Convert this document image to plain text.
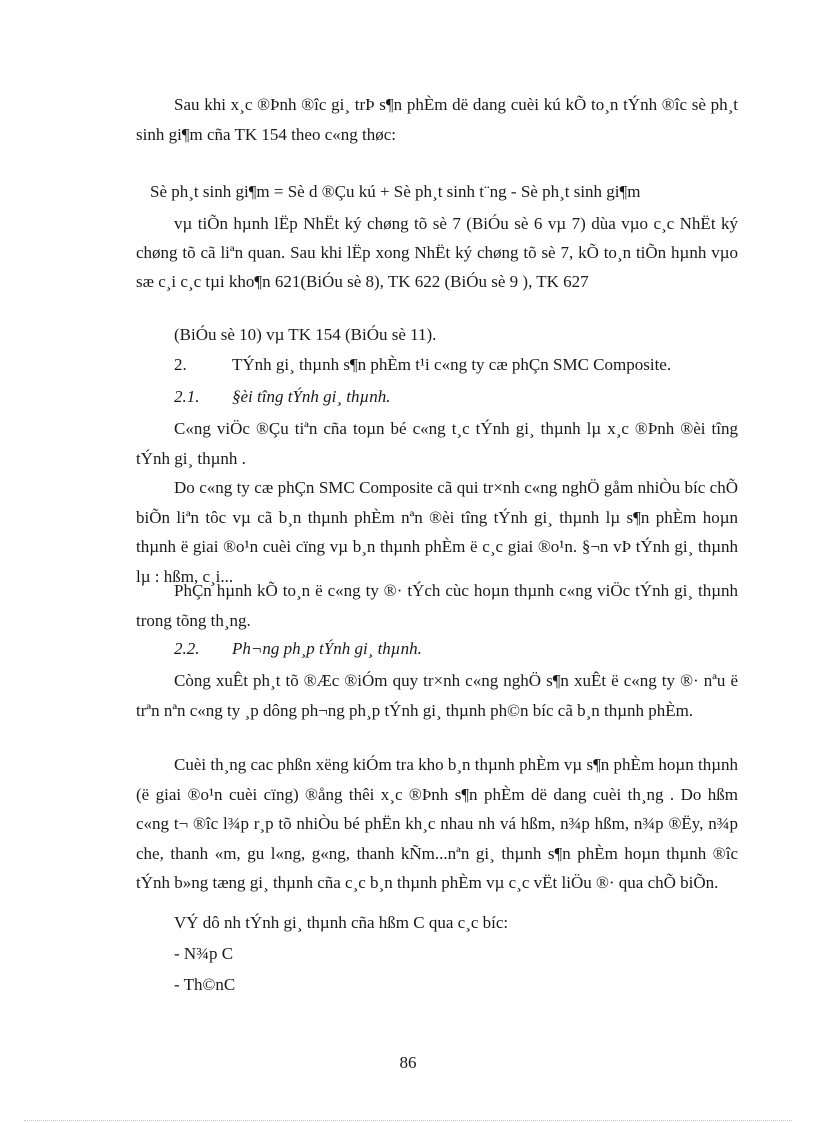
Sau khi x¸c ®Þnh ®îc gi¸ trÞ s¶n phÈm dë dang cuèi kú kÕ to¸n tÝnh ®îc sè ph¸t sinh gi¶m cña TK 154 theo c«ng thøc:

Sè ph¸t sinh gi¶m = Sè d ®Çu kú + Sè ph¸t sinh t¨ng - Sè ph¸t sinh gi¶m

vµ tiÕn hµnh lËp NhËt ký chøng tõ sè 7 (BiÓu sè 6 vµ 7) dùa vµo c¸c NhËt ký chøng tõ cã liªn quan. Sau khi lËp xong NhËt ký chøng tõ sè 7, kÕ to¸n tiÕn hµnh vµo sæ c¸i c¸c tµi kho¶n 621(BiÓu sè 8), TK 622 (BiÓu sè 9 ), TK 627

(BiÓu sè 10) vµ TK 154 (BiÓu sè 11).

2.	TÝnh gi¸ thµnh s¶n phÈm t¹i c«ng ty cæ phÇn SMC Composite.

2.1. §èi tîng tÝnh gi¸ thµnh.

C«ng viÖc ®Çu tiªn cña toµn bé c«ng t¸c tÝnh gi¸ thµnh lµ x¸c ®Þnh ®èi tîng tÝnh gi¸ thµnh .

Do c«ng ty cæ phÇn SMC Composite cã qui tr×nh c«ng nghÖ gåm nhiÒu bíc chÕ biÕn liªn tôc vµ cã b¸n thµnh phÈm nªn ®èi tîng tÝnh gi¸ thµnh lµ s¶n phÈm hoµn thµnh ë giai ®o¹n cuèi cïng vµ b¸n thµnh phÈm ë c¸c giai ®o¹n. §¬n vÞ tÝnh gi¸ thµnh lµ : hßm, c¸i...

PhÇn hµnh kÕ to¸n ë c«ng ty ®· tÝch cùc hoµn thµnh c«ng viÖc tÝnh gi¸ thµnh trong tõng th¸ng.

2.2. Ph¬ng ph¸p tÝnh gi¸ thµnh.

Còng xuÊt ph¸t tõ ®Æc ®iÓm quy tr×nh c«ng nghÖ s¶n xuÊt ë c«ng ty ®· nªu ë trªn nªn c«ng ty ¸p dông ph¬ng ph¸p tÝnh gi¸ thµnh ph©n bíc cã b¸n thµnh phÈm.

Cuèi th¸ng cac phßn xëng kiÓm tra kho b¸n thµnh phÈm vµ s¶n phÈm hoµn thµnh (ë giai ®o¹n cuèi cïng) ®ång thêi x¸c ®Þnh s¶n phÈm dë dang cuèi th¸ng . Do hßm c«ng t¬ ®îc l¾p r¸p tõ nhiÒu bé phËn kh¸c nhau nh vá hßm, n¾p hßm, n¾p ®Ëy, n¾p che, thanh «m, gu l«ng, g«ng, thanh kÑm...nªn gi¸ thµnh s¶n phÈm hoµn thµnh ®îc tÝnh b»ng tæng gi¸ thµnh cña c¸c b¸n thµnh phÈm vµ c¸c vËt liÖu ®· qua chÕ biÕn.

VÝ dô nh tÝnh gi¸ thµnh cña hßm C qua c¸c bíc:

- N¾p C

- Th©nC

86
